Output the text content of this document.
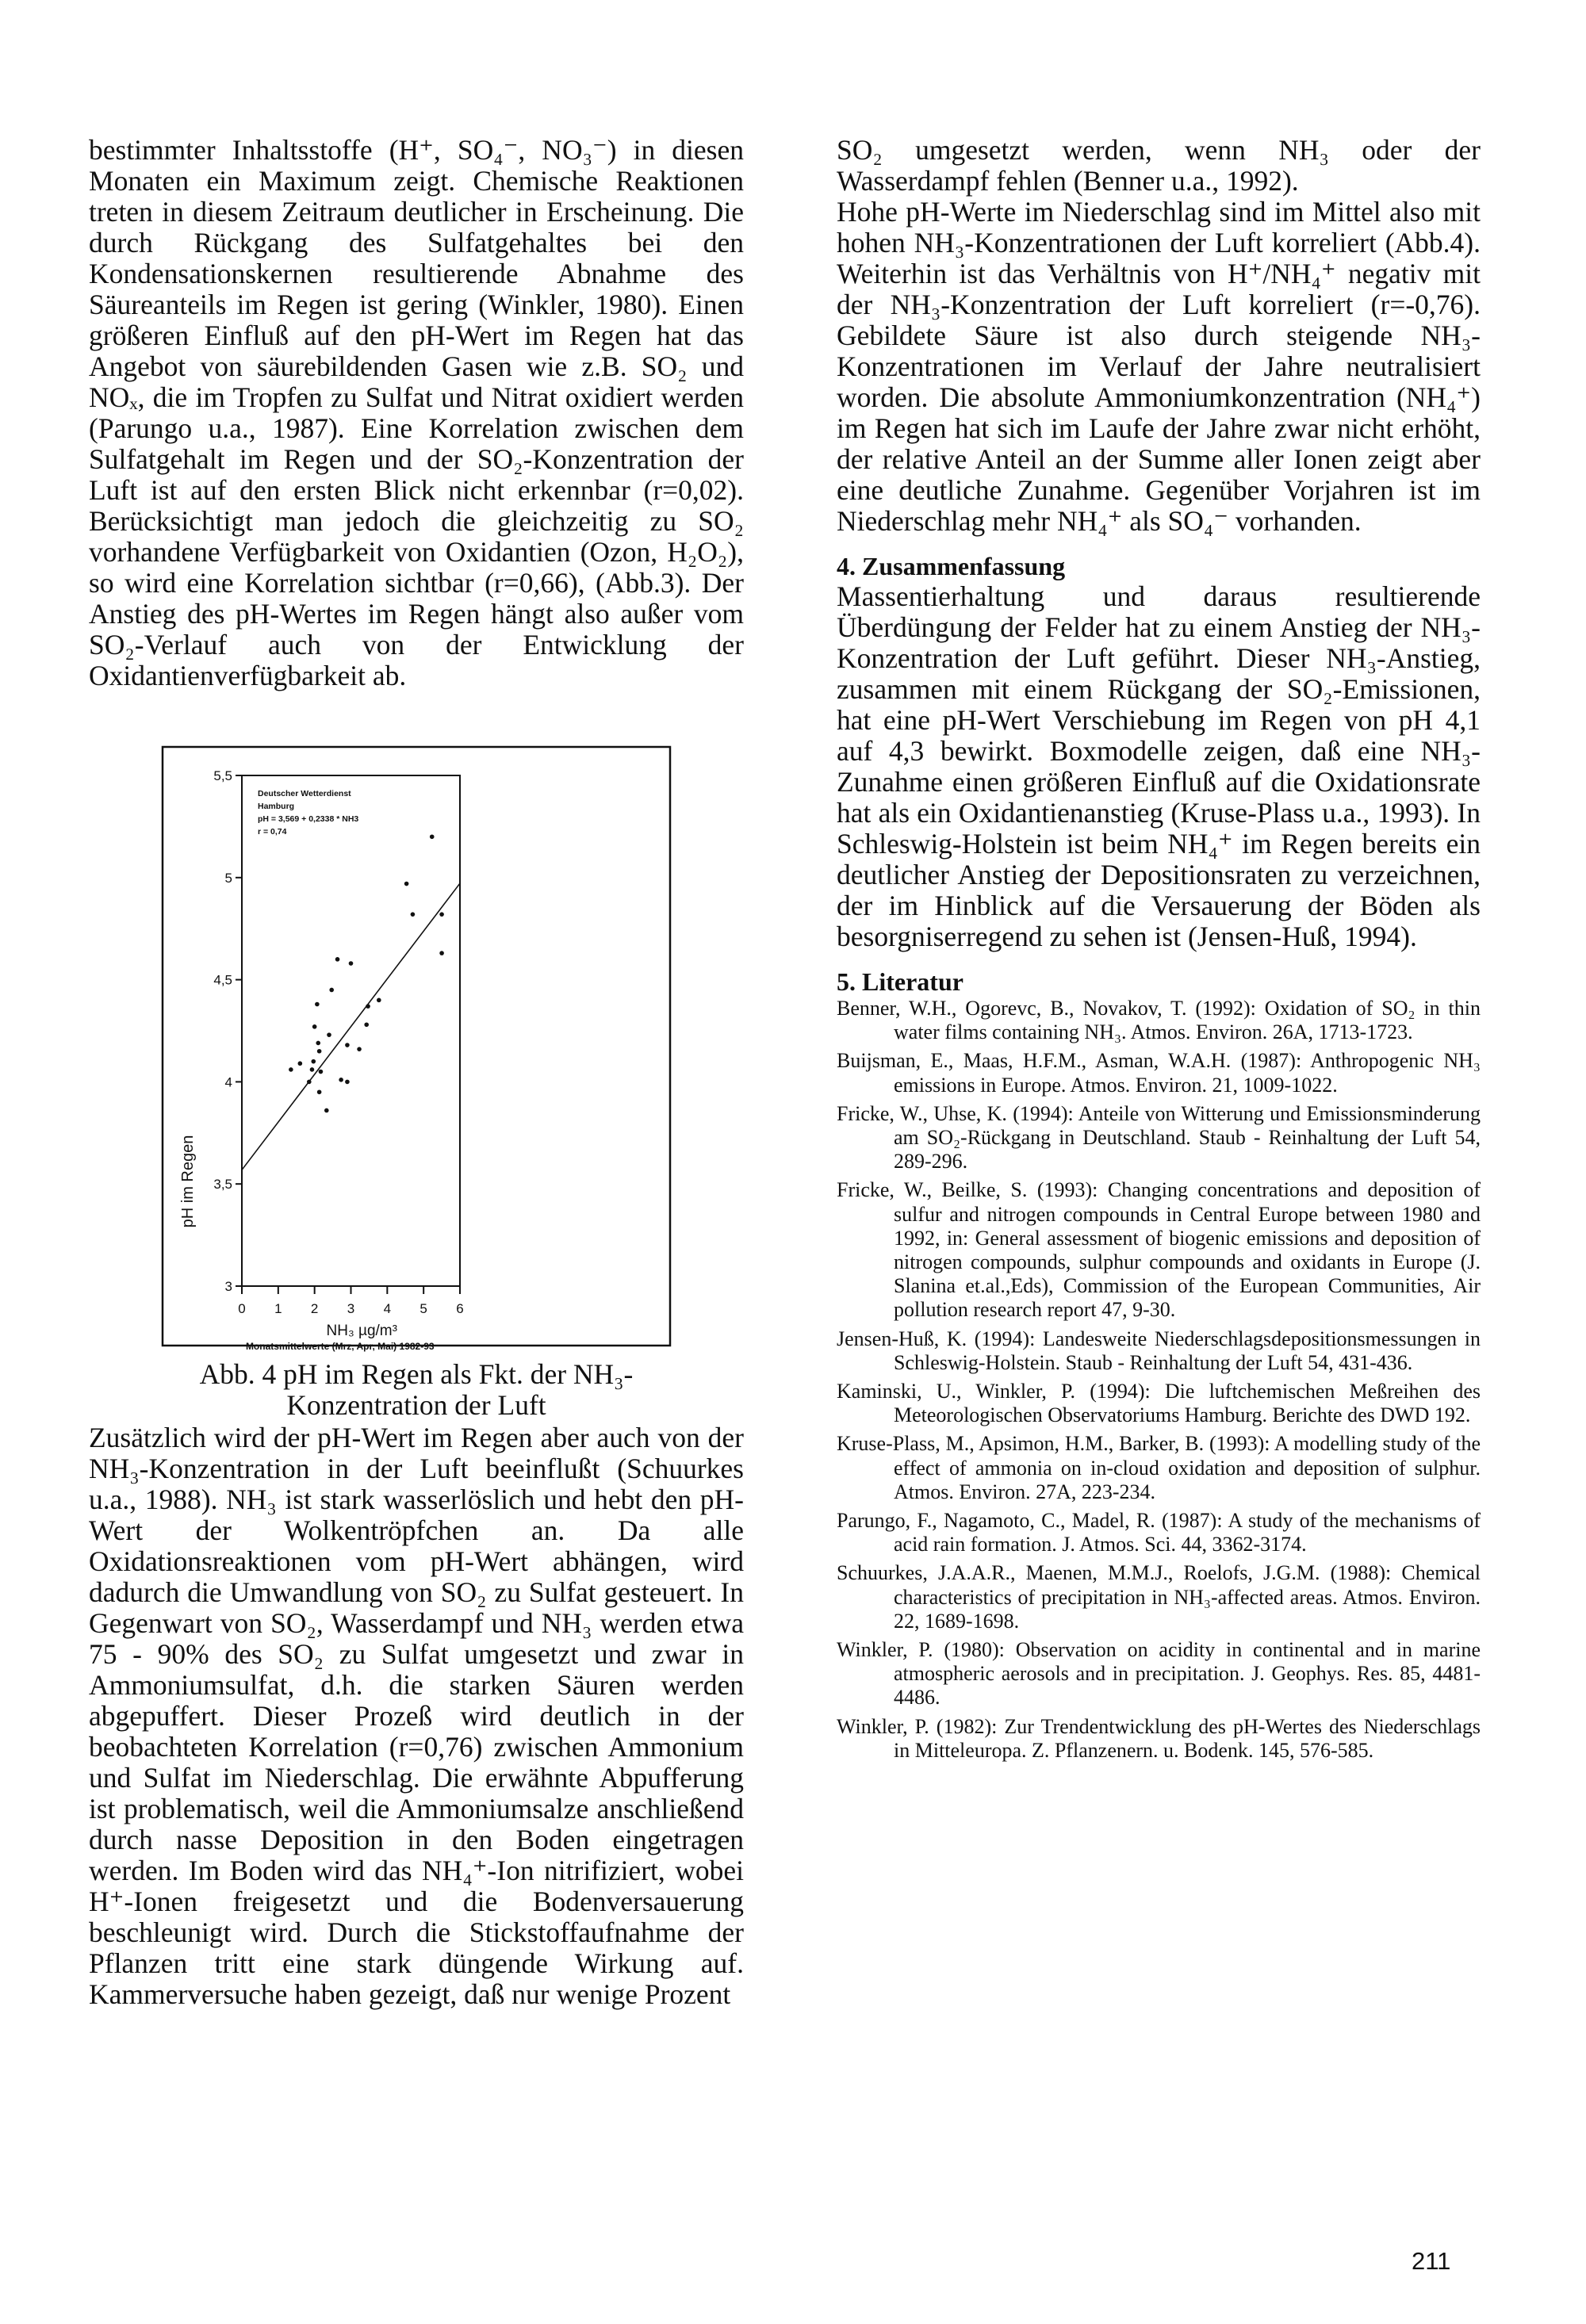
bestimmter Inhaltsstoffe (H⁺, SO₄⁻, NO₃⁻) in diesen Monaten ein Maximum zeigt. Chemische Reaktionen treten in diesem Zeitraum deutlicher in Erscheinung. Die durch Rückgang des Sulfatgehaltes bei den Kondensationskernen resultierende Abnahme des Säureanteils im Regen ist gering (Winkler, 1980). Einen größeren Einfluß auf den pH-Wert im Regen hat das Angebot von säurebildenden Gasen wie z.B. SO₂ und NOₓ, die im Tropfen zu Sulfat und Nitrat oxidiert werden (Parungo u.a., 1987). Eine Korrelation zwischen dem Sulfatgehalt im Regen und der SO₂-Konzentration der Luft ist auf den ersten Blick nicht erkennbar (r=0,02). Berücksichtigt man jedoch die gleichzeitig zu SO₂ vorhandene Verfügbarkeit von Oxidantien (Ozon, H₂O₂), so wird eine Korrelation sichtbar (r=0,66), (Abb.3). Der Anstieg des pH-Wertes im Regen hängt also außer vom SO₂-Verlauf auch von der Entwicklung der Oxidantienverfügbarkeit ab.

3
3,5
4
4,5
5
5,5
0 1 2 3 4 5 6
NH₃ µg/m³
Monatsmittelwerte (Mrz, Apr, Mai) 1982-93
pH im Regen
Deutscher Wetterdienst
Hamburg
pH = 3,569 + 0,2338 * NH3
r = 0,74
Abb. 4 pH im Regen als Fkt. der NH₃-
Konzentration der Luft

Zusätzlich wird der pH-Wert im Regen aber auch von der NH₃-Konzentration in der Luft beeinflußt (Schuurkes u.a., 1988). NH₃ ist stark wasserlöslich und hebt den pH-Wert der Wolkentröpfchen an. Da alle Oxidationsreaktionen vom pH-Wert abhängen, wird dadurch die Umwandlung von SO₂ zu Sulfat gesteuert. In Gegenwart von SO₂, Wasserdampf und NH₃ werden etwa 75 - 90% des SO₂ zu Sulfat umgesetzt und zwar in Ammoniumsulfat, d.h. die starken Säuren werden abgepuffert. Dieser Prozeß wird deutlich in der beobachteten Korrelation (r=0,76) zwischen Ammonium und Sulfat im Niederschlag. Die erwähnte Abpufferung ist problematisch, weil die Ammoniumsalze anschließend durch nasse Deposition in den Boden eingetragen werden. Im Boden wird das NH₄⁺-Ion nitrifiziert, wobei H⁺-Ionen freigesetzt und die Bodenversauerung beschleunigt wird. Durch die Stickstoffaufnahme der Pflanzen tritt eine stark düngende Wirkung auf. Kammerversuche haben gezeigt, daß nur wenige Prozent

SO₂ umgesetzt werden, wenn NH₃ oder der Wasserdampf fehlen (Benner u.a., 1992).

Hohe pH-Werte im Niederschlag sind im Mittel also mit hohen NH₃-Konzentrationen der Luft korreliert (Abb.4). Weiterhin ist das Verhältnis von H⁺/NH₄⁺ negativ mit der NH₃-Konzentration der Luft korreliert (r=-0,76). Gebildete Säure ist also durch steigende NH₃-Konzentrationen im Verlauf der Jahre neutralisiert worden. Die absolute Ammoniumkonzentration (NH₄⁺) im Regen hat sich im Laufe der Jahre zwar nicht erhöht, der relative Anteil an der Summe aller Ionen zeigt aber eine deutliche Zunahme. Gegenüber Vorjahren ist im Niederschlag mehr NH₄⁺ als SO₄⁻ vorhanden.

4. Zusammenfassung

Massentierhaltung und daraus resultierende Überdüngung der Felder hat zu einem Anstieg der NH₃-Konzentration der Luft geführt. Dieser NH₃-Anstieg, zusammen mit einem Rückgang der SO₂-Emissionen, hat eine pH-Wert Verschiebung im Regen von pH 4,1 auf 4,3 bewirkt. Boxmodelle zeigen, daß eine NH₃-Zunahme einen größeren Einfluß auf die Oxidationsrate hat als ein Oxidantienanstieg (Kruse-Plass u.a., 1993). In Schleswig-Holstein ist beim NH₄⁺ im Regen bereits ein deutlicher Anstieg der Depositionsraten zu verzeichnen, der im Hinblick auf die Versauerung der Böden als besorgniserregend zu sehen ist (Jensen-Huß, 1994).

5. Literatur
Benner, W.H., Ogorevc, B., Novakov, T. (1992): Oxidation of SO₂ in thin water films containing NH₃. Atmos. Environ. 26A, 1713-1723.
Buijsman, E., Maas, H.F.M., Asman, W.A.H. (1987): Anthropogenic NH₃ emissions in Europe. Atmos. Environ. 21, 1009-1022.
Fricke, W., Uhse, K. (1994): Anteile von Witterung und Emissionsminderung am SO₂-Rückgang in Deutschland. Staub - Reinhaltung der Luft 54, 289-296.
Fricke, W., Beilke, S. (1993): Changing concentrations and deposition of sulfur and nitrogen compounds in Central Europe between 1980 and 1992, in: General assessment of biogenic emissions and deposition of nitrogen compounds, sulphur compounds and oxidants in Europe (J. Slanina et.al.,Eds), Commission of the European Communities, Air pollution research report 47, 9-30.
Jensen-Huß, K. (1994): Landesweite Niederschlagsdepositionsmessungen in Schleswig-Holstein. Staub - Reinhaltung der Luft 54, 431-436.
Kaminski, U., Winkler, P. (1994): Die luftchemischen Meßreihen des Meteorologischen Observatoriums Hamburg. Berichte des DWD 192.
Kruse-Plass, M., Apsimon, H.M., Barker, B. (1993): A modelling study of the effect of ammonia on in-cloud oxidation and deposition of sulphur. Atmos. Environ. 27A, 223-234.
Parungo, F., Nagamoto, C., Madel, R. (1987): A study of the mechanisms of acid rain formation. J. Atmos. Sci. 44, 3362-3174.
Schuurkes, J.A.A.R., Maenen, M.M.J., Roelofs, J.G.M. (1988): Chemical characteristics of precipitation in NH₃-affected areas. Atmos. Environ. 22, 1689-1698.
Winkler, P. (1980): Observation on acidity in continental and in marine atmospheric aerosols and in precipitation. J. Geophys. Res. 85, 4481-4486.
Winkler, P. (1982): Zur Trendentwicklung des pH-Wertes des Niederschlags in Mitteleuropa. Z. Pflanzenern. u. Bodenk. 145, 576-585.
211
